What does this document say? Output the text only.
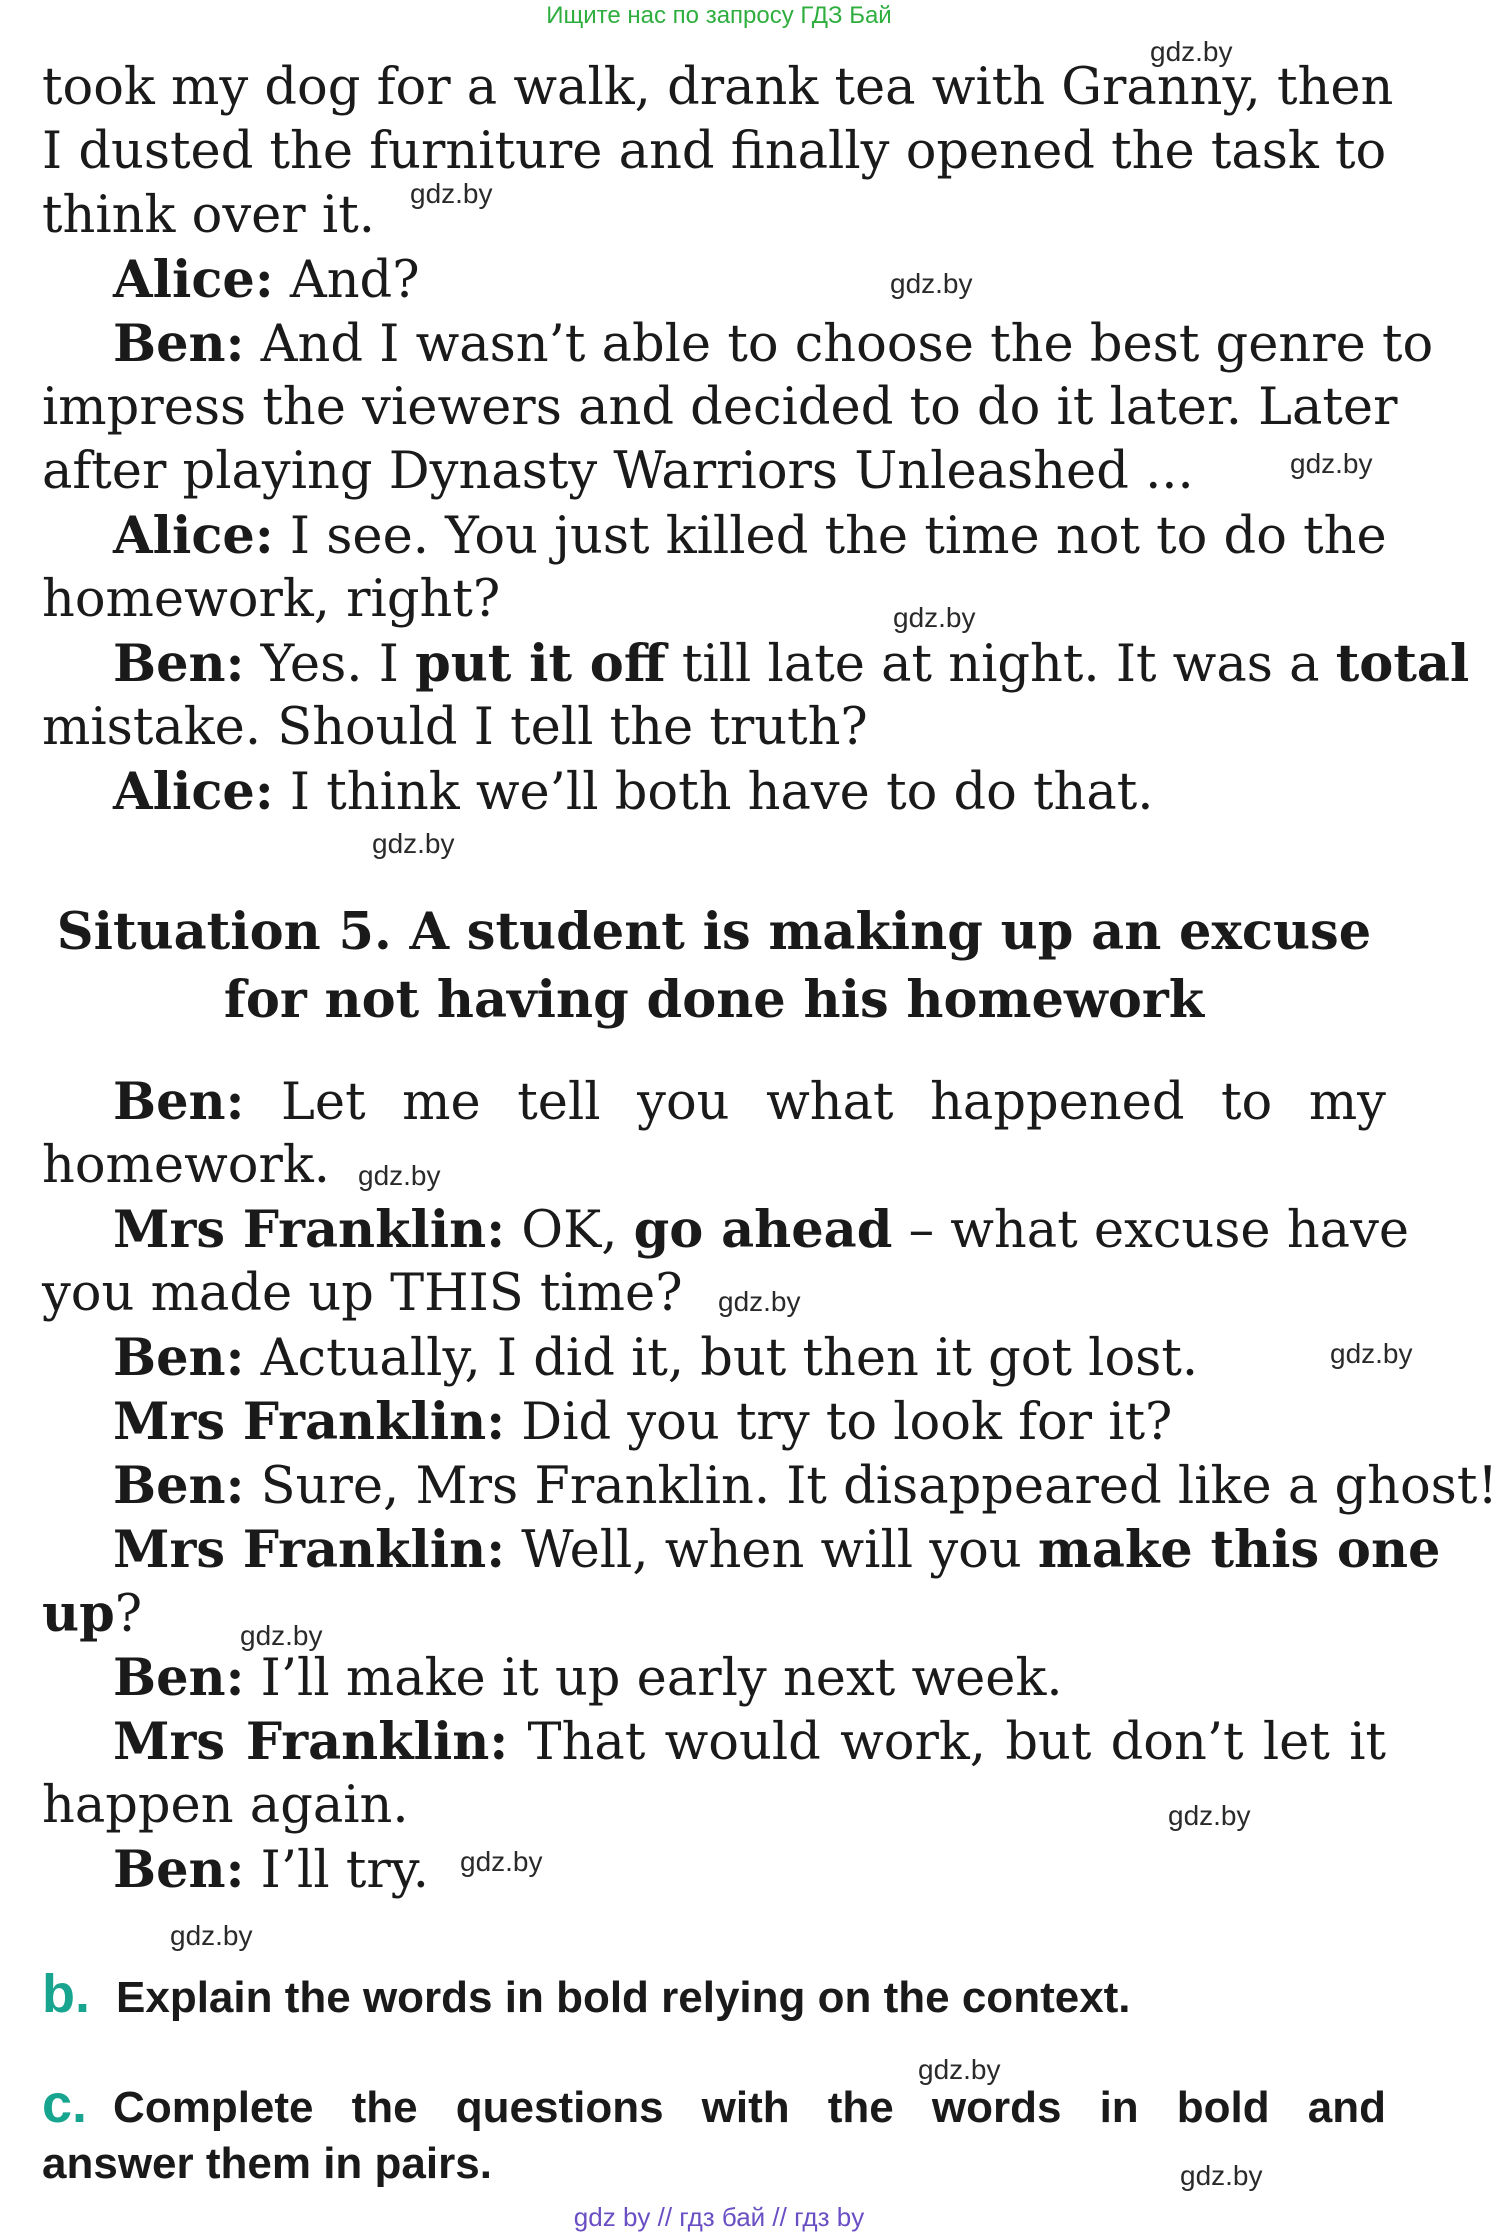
Ищите нас по запросу ГДЗ Бай
gdz.by
gdz.by
gdz.by
gdz.by
gdz.by
gdz.by
gdz.by
gdz.by
gdz.by
gdz.by
gdz.by
gdz.by
gdz.by
gdz.by
gdz.by
took my dog for a walk, drank tea with Granny, then
I dusted the furniture and finally opened the task to
think over it.
Alice: And?
Ben: And I wasn’t able to choose the best genre to
impress the viewers and decided to do it later. Later
after playing Dynasty Warriors Unleashed ...
Alice: I see. You just killed the time not to do the
homework, right?
Ben: Yes. I put it off till late at night. It was a total
mistake. Should I tell the truth?
Alice: I think we’ll both have to do that.
Situation 5. A student is making up an excuse
for not having done his homework
Ben: Let me tell you what happened to my
homework.
Mrs Franklin: OK, go ahead – what excuse have
you made up THIS time?
Ben: Actually, I did it, but then it got lost.
Mrs Franklin: Did you try to look for it?
Ben: Sure, Mrs Franklin. It disappeared like a ghost!
Mrs Franklin: Well, when will you make this one
up?
Ben: I’ll make it up early next week.
Mrs Franklin: That would work, but don’t let it
happen again.
Ben: I’ll try.
b. Explain the words in bold relying on the context.
c. Complete the questions with the words in bold and
answer them in pairs.
gdz by // гдз бай // гдз by
